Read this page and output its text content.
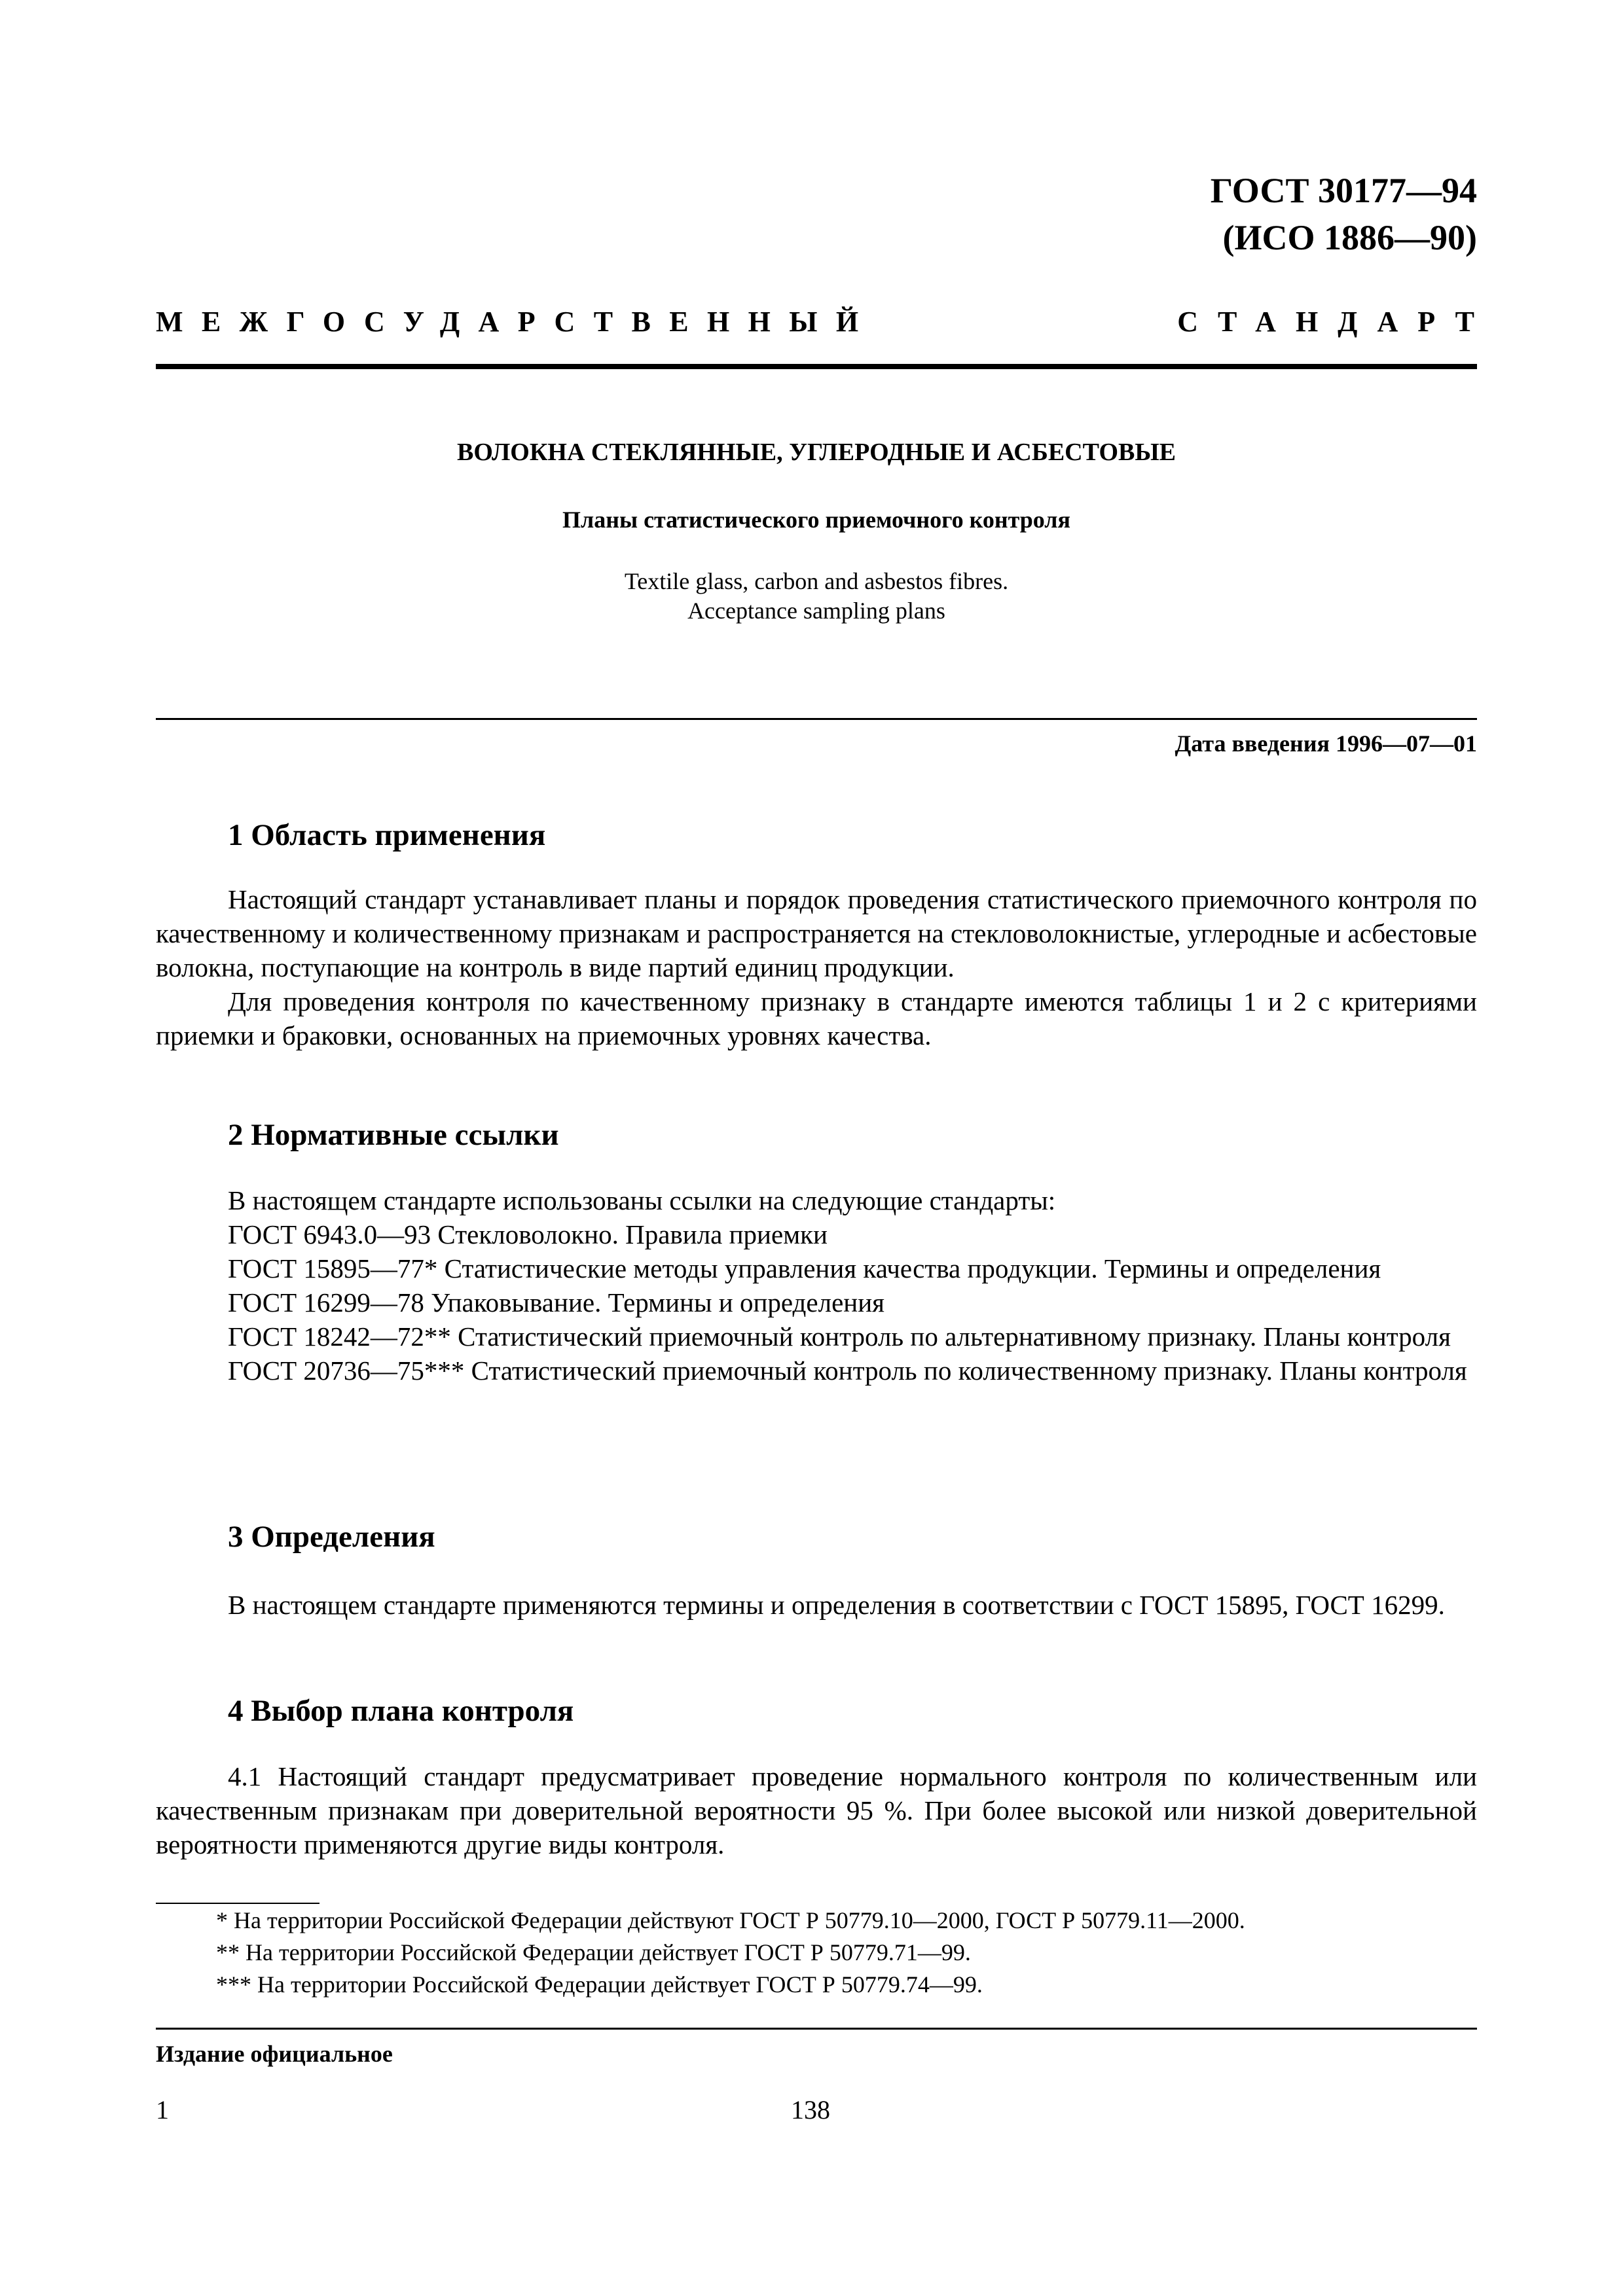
ГОСТ 30177—94
(ИСО 1886—90)
МЕЖГОСУДАРСТВЕННЫЙ	СТАНДАРТ
ВОЛОКНА СТЕКЛЯННЫЕ, УГЛЕРОДНЫЕ И АСБЕСТОВЫЕ
Планы статистического приемочного контроля
Textile glass, carbon and asbestos fibres.
Acceptance sampling plans
Дата введения 1996—07—01
1 Область применения

Настоящий стандарт устанавливает планы и порядок проведения статистического приемочного контроля по качественному и количественному признакам и распространяется на стекловолокнистые, углеродные и асбестовые волокна, поступающие на контроль в виде партий единиц продукции.

Для проведения контроля по качественному признаку в стандарте имеются таблицы 1 и 2 с критериями приемки и браковки, основанных на приемочных уровнях качества.

2 Нормативные ссылки

В настоящем стандарте использованы ссылки на следующие стандарты:

ГОСТ 6943.0—93 Стекловолокно. Правила приемки

ГОСТ 15895—77* Статистические методы управления качества продукции. Термины и определения

ГОСТ 16299—78 Упаковывание. Термины и определения

ГОСТ 18242—72** Статистический приемочный контроль по альтернативному признаку. Планы контроля

ГОСТ 20736—75*** Статистический приемочный контроль по количественному признаку. Планы контроля

3 Определения

В настоящем стандарте применяются термины и определения в соответствии с ГОСТ 15895, ГОСТ 16299.

4 Выбор плана контроля

4.1 Настоящий стандарт предусматривает проведение нормального контроля по количественным или качественным признакам при доверительной вероятности 95 %. При более высокой или низкой доверительной вероятности применяются другие виды контроля.

* На территории Российской Федерации действуют ГОСТ Р 50779.10—2000, ГОСТ Р 50779.11—2000.

** На территории Российской Федерации действует ГОСТ Р 50779.71—99.

*** На территории Российской Федерации действует ГОСТ Р 50779.74—99.

Издание официальное
1	138
